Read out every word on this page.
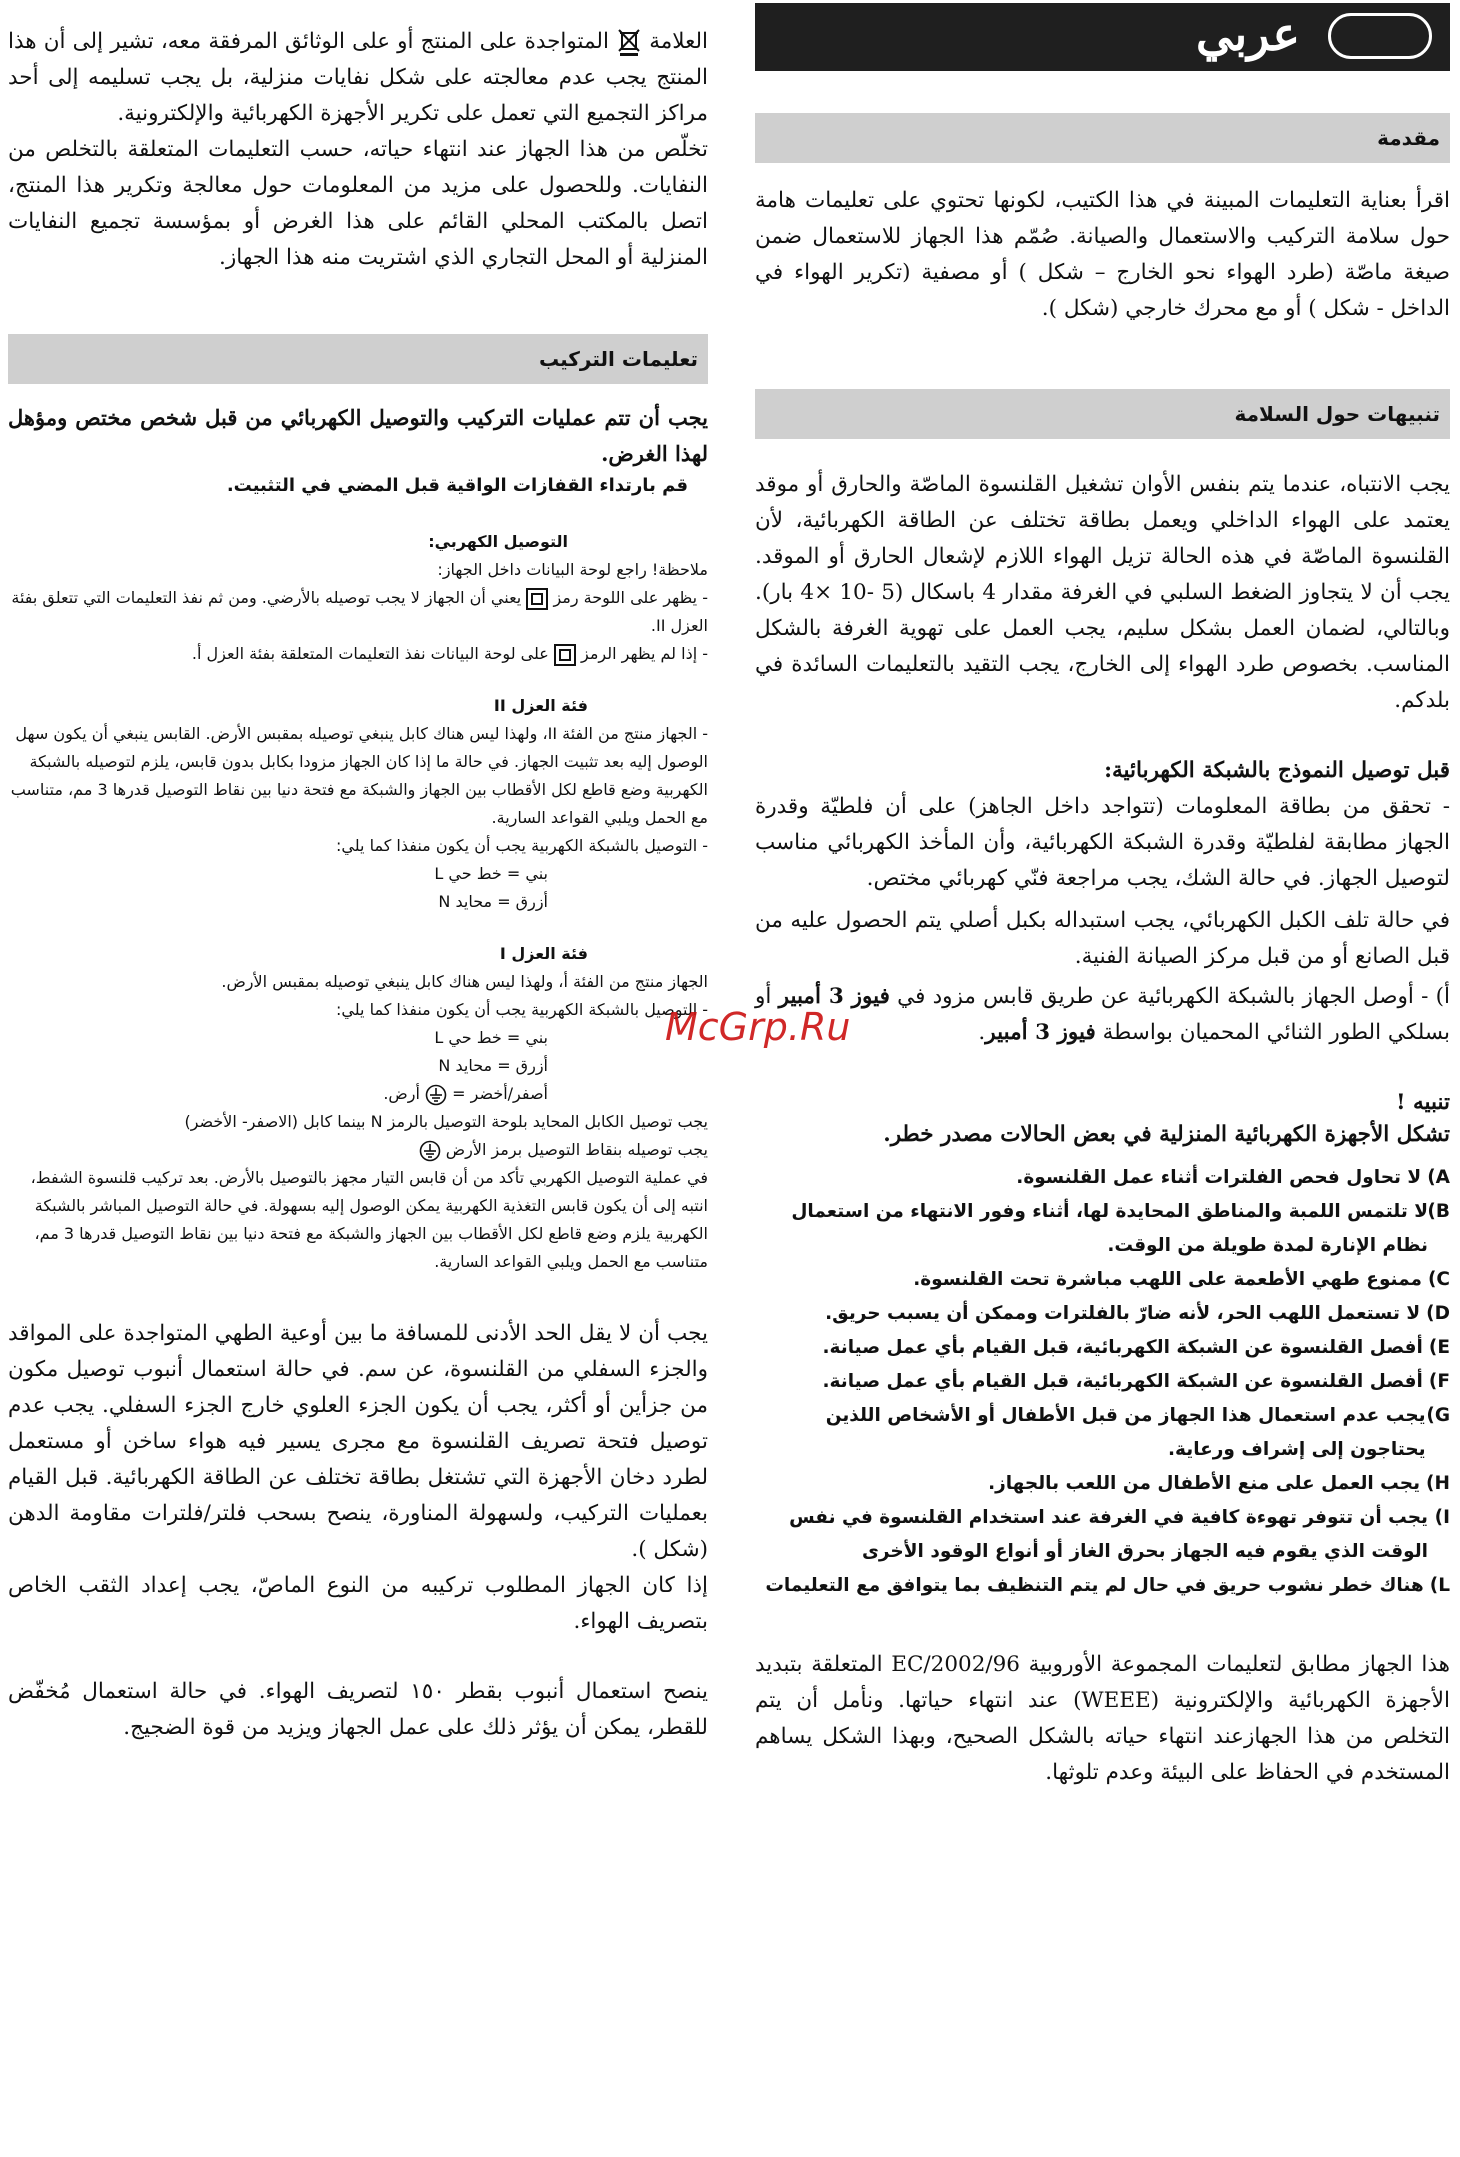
عربي
مقدمة

اقرأ بعناية التعليمات المبينة في هذا الكتيب، لكونها تحتوي على تعليمات هامة حول سلامة التركيب والاستعمال والصيانة. صُمّم هذا الجهاز للاستعمال ضمن صيغة ماصّة (طرد الهواء نحو الخارج – شكل ) أو مصفية (تكرير الهواء في الداخل - شكل ) أو مع محرك خارجي (شكل ).

تنبيهات حول السلامة

يجب الانتباه، عندما يتم بنفس الأوان تشغيل القلنسوة الماصّة والحارق أو موقد يعتمد على الهواء الداخلي ويعمل بطاقة تختلف عن الطاقة الكهربائية، لأن القلنسوة الماصّة في هذه الحالة تزيل الهواء اللازم لإشعال الحارق أو الموقد. يجب أن لا يتجاوز الضغط السلبي في الغرفة مقدار 4 باسكال (5 -10 ×4 بار). وبالتالي، لضمان العمل بشكل سليم، يجب العمل على تهوية الغرفة بالشكل المناسب. بخصوص طرد الهواء إلى الخارج، يجب التقيد بالتعليمات السائدة في بلدكم.

قبل توصيل النموذج بالشبكة الكهربائية:

- تحقق من بطاقة المعلومات (تتواجد داخل الجاهز) على أن فلطيّة وقدرة الجهاز مطابقة لفلطيّة وقدرة الشبكة الكهربائية، وأن المأخذ الكهربائي مناسب لتوصيل الجهاز. في حالة الشك، يجب مراجعة فنّي كهربائي مختص.

في حالة تلف الكبل الكهربائي، يجب استبداله بكبل أصلي يتم الحصول عليه من قبل الصانع أو من قبل مركز الصيانة الفنية.

أ) - أوصل الجهاز بالشبكة الكهربائية عن طريق قابس مزود في فيوز 3 أمبير أو بسلكي الطور الثنائي المحميان بواسطة فيوز 3 أمبير.

تنبيه !

تشكل الأجهزة الكهربائية المنزلية في بعض الحالات مصدر خطر.

A)
لا تحاول فحص الفلترات أثناء عمل القلنسوة.
B)
لا تلتمس اللمبة والمناطق المحايدة لها، أثناء وفور الانتهاء من استعمال نظام الإنارة لمدة طويلة من الوقت.
C)
ممنوع طهي الأطعمة على اللهب مباشرة تحت القلنسوة.
D)
لا تستعمل اللهب الحر، لأنه ضارّ بالفلترات وممكن أن يسبب حريق.
E)
أفصل القلنسوة عن الشبكة الكهربائية، قبل القيام بأي عمل صيانة.
F)
أفصل القلنسوة عن الشبكة الكهربائية، قبل القيام بأي عمل صيانة.
G)
يجب عدم استعمال هذا الجهاز من قبل الأطفال أو الأشخاص اللذين يحتاجون إلى إشراف ورعاية.
H)
يجب العمل على منع الأطفال من اللعب بالجهاز.
I)
يجب أن تتوفر تهوءة كافية في الغرفة عند استخدام القلنسوة في نفس الوقت الذي يقوم فيه الجهاز بحرق الغاز أو أنواع الوقود الأخرى
L)
هناك خطر نشوب حريق في حال لم يتم التنظيف بما يتوافق مع التعليمات

هذا الجهاز مطابق لتعليمات المجموعة الأوروبية 2002/96/EC المتعلقة بتبديد الأجهزة الكهربائية والإلكترونية (WEEE) عند انتهاء حياتها. ونأمل أن يتم التخلص من هذا الجهازعند انتهاء حياته بالشكل الصحيح، وبهذا الشكل يساهم المستخدم في الحفاظ على البيئة وعدم تلوثها.

العلامة  المتواجدة على المنتج أو على الوثائق المرفقة معه، تشير إلى أن هذا المنتج يجب عدم معالجته على شكل نفايات منزلية، بل يجب تسليمه إلى أحد مراكز التجميع التي تعمل على تكرير الأجهزة الكهربائية والإلكترونية.

تخلّص من هذا الجهاز عند انتهاء حياته، حسب التعليمات المتعلقة بالتخلص من النفايات. وللحصول على مزيد من المعلومات حول معالجة وتكرير هذا المنتج، اتصل بالمكتب المحلي القائم على هذا الغرض أو بمؤسسة تجميع النفايات المنزلية أو المحل التجاري الذي اشتريت منه هذا الجهاز.

تعليمات التركيب

يجب أن تتم عمليات التركيب والتوصيل الكهربائي من قبل شخص مختص ومؤهل لهذا الغرض.

قم بارتداء القفازات الواقية قبل المضي في التثبيت.

التوصيل الكهربي:

ملاحظة! راجع لوحة البيانات داخل الجهاز:

- يظهر على اللوحة رمز  يعني أن الجهاز لا يجب توصيله بالأرضي. ومن ثم نفذ التعليمات التي تتعلق بفئة العزل II.

- إذا لم يظهر الرمز  على لوحة البيانات نفذ التعليمات المتعلقة بفئة العزل أ.

فئة العزل II

- الجهاز منتج من الفئة II، ولهذا ليس هناك كابل ينبغي توصيله بمقبس الأرض. القابس ينبغي أن يكون سهل الوصول إليه بعد تثبيت الجهاز. في حالة ما إذا كان الجهاز مزودا بكابل بدون قابس، يلزم لتوصيله بالشبكة الكهربية وضع قاطع لكل الأقطاب بين الجهاز والشبكة مع فتحة دنيا بين نقاط التوصيل قدرها 3 مم، متناسب مع الحمل ويلبي القواعد السارية.

- التوصيل بالشبكة الكهربية يجب أن يكون منفذا كما يلي:

بني = خط حي L

أزرق = محايد N

فئة العزل I

الجهاز منتج من الفئة أ، ولهذا ليس هناك كابل ينبغي توصيله بمقبس الأرض.

- التوصيل بالشبكة الكهربية يجب أن يكون منفذا كما يلي:

بني = خط حي L

أزرق = محايد N

أصفر/أخضر =  أرض.

يجب توصيل الكابل المحايد بلوحة التوصيل بالرمز N بينما كابل (الاصفر- الأخضر)

يجب توصيله بنقاط التوصيل برمز الأرض

في عملية التوصيل الكهربي تأكد من أن قابس التيار مجهز بالتوصيل بالأرض. بعد تركيب قلنسوة الشفط، انتبه إلى أن يكون قابس التغذية الكهربية يمكن الوصول إليه بسهولة. في حالة التوصيل المباشر بالشبكة الكهربية يلزم وضع قاطع لكل الأقطاب بين الجهاز والشبكة مع فتحة دنيا بين نقاط التوصيل قدرها 3 مم، متناسب مع الحمل ويلبي القواعد السارية.

يجب أن لا يقل الحد الأدنى للمسافة ما بين أوعية الطهي المتواجدة على المواقد والجزء السفلي من القلنسوة، عن سم. في حالة استعمال أنبوب توصيل مكون من جزأين أو أكثر، يجب أن يكون الجزء العلوي خارج الجزء السفلي. يجب عدم توصيل فتحة تصريف القلنسوة مع مجرى يسير فيه هواء ساخن أو مستعمل لطرد دخان الأجهزة التي تشتغل بطاقة تختلف عن الطاقة الكهربائية. قبل القيام بعمليات التركيب، ولسهولة المناورة، ينصح بسحب فلتر/فلترات مقاومة الدهن (شكل ).

إذا كان الجهاز المطلوب تركيبه من النوع الماصّ، يجب إعداد الثقب الخاص بتصريف الهواء.

ينصح استعمال أنبوب بقطر ١٥٠ لتصريف الهواء. في حالة استعمال مُخفّض للقطر، يمكن أن يؤثر ذلك على عمل الجهاز ويزيد من قوة الضجيج.

McGrp.Ru
